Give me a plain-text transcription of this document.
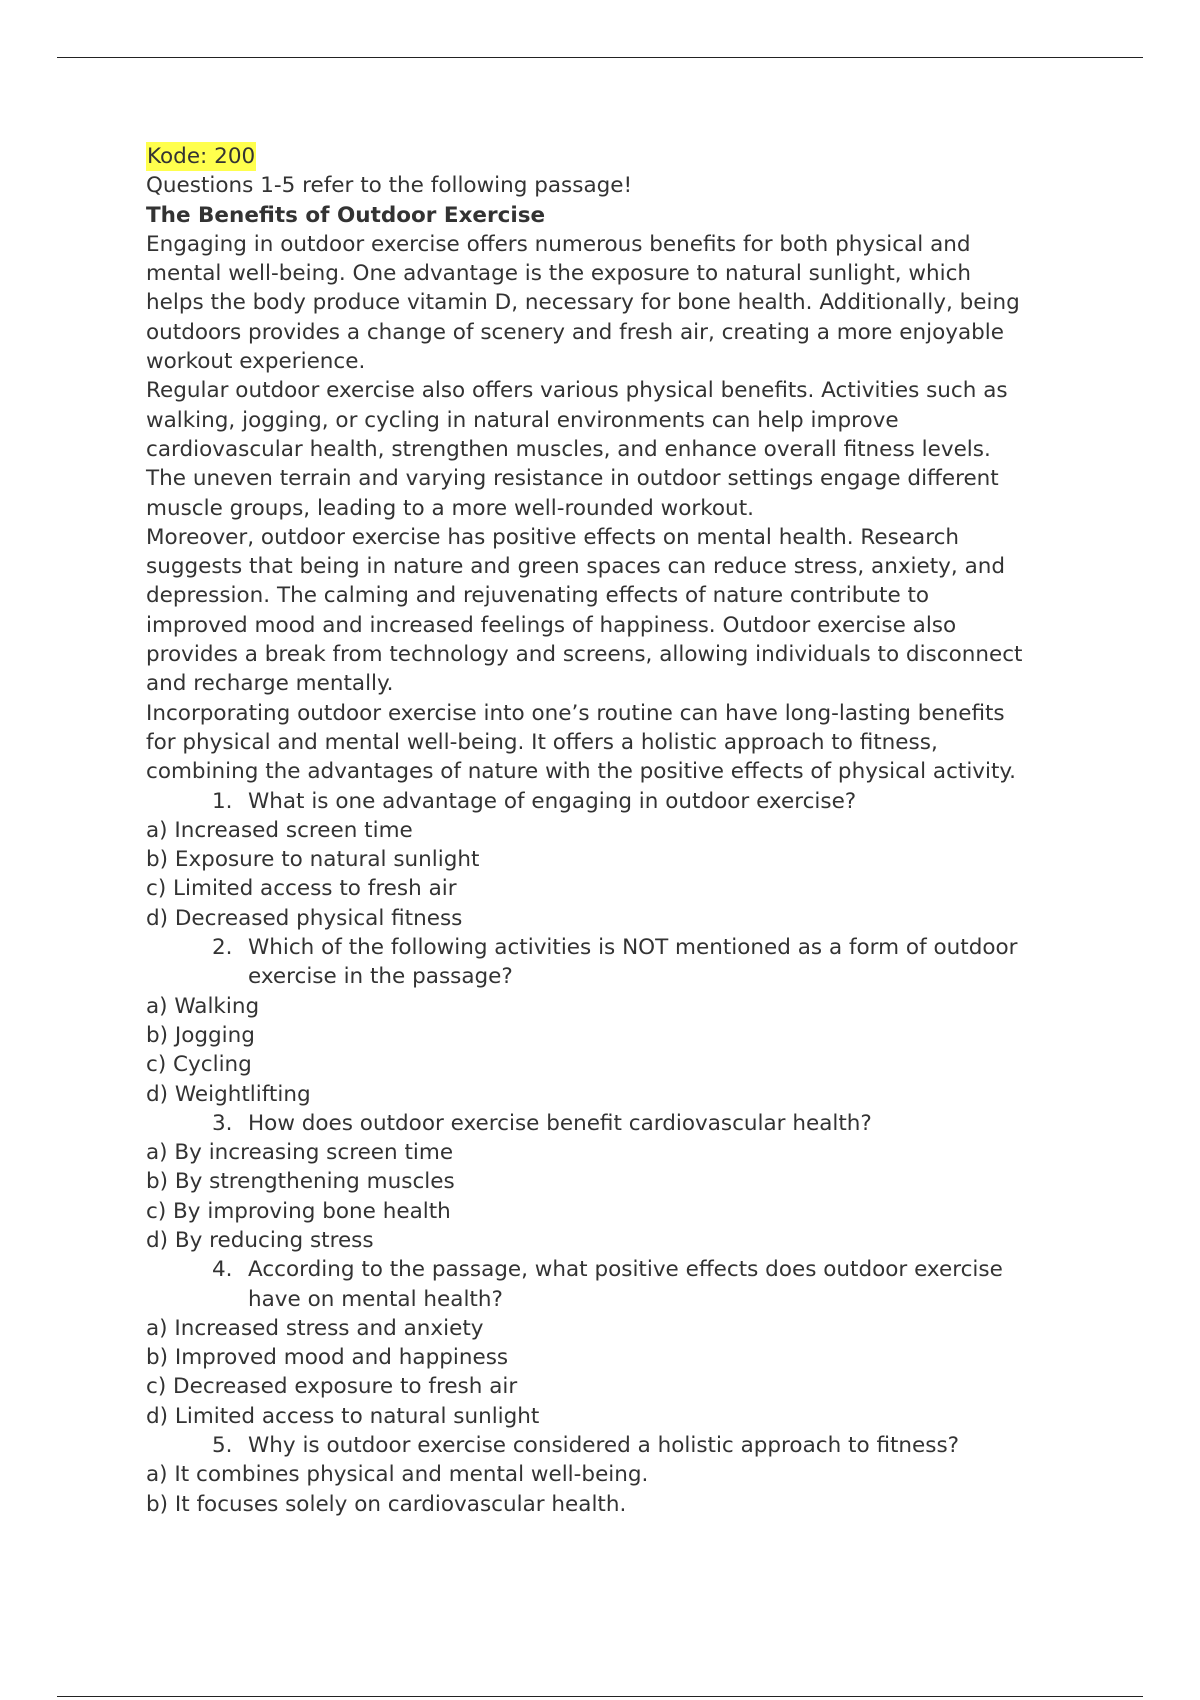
Kode: 200
Questions 1-5 refer to the following passage!
The Benefits of Outdoor Exercise
Engaging in outdoor exercise offers numerous benefits for both physical and
mental well-being. One advantage is the exposure to natural sunlight, which
helps the body produce vitamin D, necessary for bone health. Additionally, being
outdoors provides a change of scenery and fresh air, creating a more enjoyable
workout experience.
Regular outdoor exercise also offers various physical benefits. Activities such as
walking, jogging, or cycling in natural environments can help improve
cardiovascular health, strengthen muscles, and enhance overall fitness levels.
The uneven terrain and varying resistance in outdoor settings engage different
muscle groups, leading to a more well-rounded workout.
Moreover, outdoor exercise has positive effects on mental health. Research
suggests that being in nature and green spaces can reduce stress, anxiety, and
depression. The calming and rejuvenating effects of nature contribute to
improved mood and increased feelings of happiness. Outdoor exercise also
provides a break from technology and screens, allowing individuals to disconnect
and recharge mentally.
Incorporating outdoor exercise into one’s routine can have long-lasting benefits
for physical and mental well-being. It offers a holistic approach to fitness,
combining the advantages of nature with the positive effects of physical activity.
1. What is one advantage of engaging in outdoor exercise?
a) Increased screen time
b) Exposure to natural sunlight
c) Limited access to fresh air
d) Decreased physical fitness
2. Which of the following activities is NOT mentioned as a form of outdoor
exercise in the passage?
a) Walking
b) Jogging
c) Cycling
d) Weightlifting
3. How does outdoor exercise benefit cardiovascular health?
a) By increasing screen time
b) By strengthening muscles
c) By improving bone health
d) By reducing stress
4. According to the passage, what positive effects does outdoor exercise
have on mental health?
a) Increased stress and anxiety
b) Improved mood and happiness
c) Decreased exposure to fresh air
d) Limited access to natural sunlight
5. Why is outdoor exercise considered a holistic approach to fitness?
a) It combines physical and mental well-being.
b) It focuses solely on cardiovascular health.
